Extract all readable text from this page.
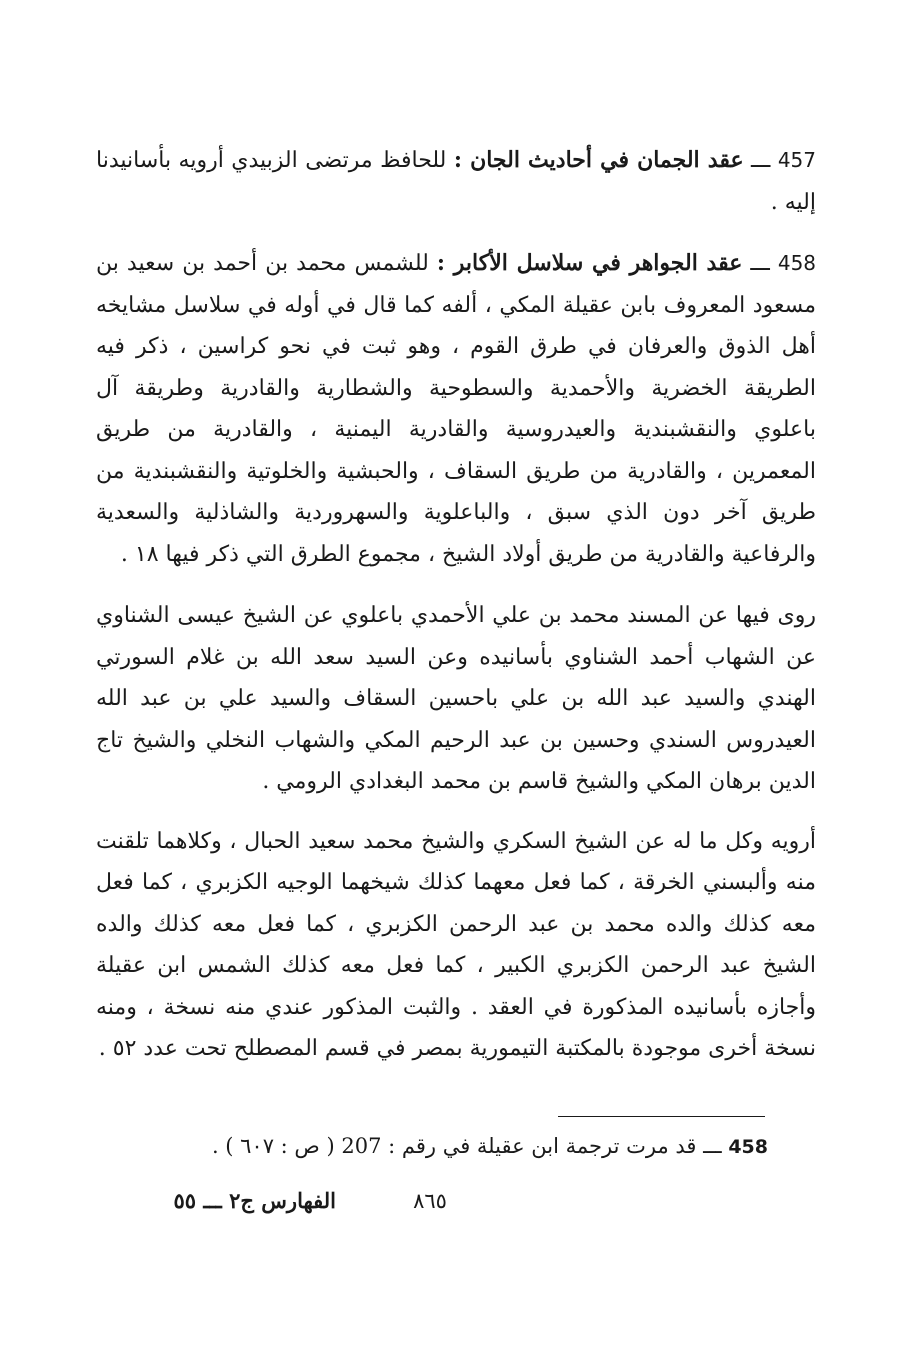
457 ـــ عقد الجمان في أحاديث الجان : للحافظ مرتضى الزبيدي أرويه بأسانيدنا إليه .

458 ـــ عقد الجواهر في سلاسل الأكابر : للشمس محمد بن أحمد بن سعيد بن مسعود المعروف بابن عقيلة المكي ، ألفه كما قال في أوله في سلاسل مشايخه أهل الذوق والعرفان في طرق القوم ، وهو ثبت في نحو كراسين ، ذكر فيه الطريقة الخضرية والأحمدية والسطوحية والشطارية والقادرية وطريقة آل باعلوي والنقشبندية والعيدروسية والقادرية اليمنية ، والقادرية من طريق المعمرين ، والقادرية من طريق السقاف ، والحبشية والخلوتية والنقشبندية من طريق آخر دون الذي سبق ، والباعلوية والسهروردية والشاذلية والسعدية والرفاعية والقادرية من طريق أولاد الشيخ ، مجموع الطرق التي ذكر فيها ١٨ .

روى فيها عن المسند محمد بن علي الأحمدي باعلوي عن الشيخ عيسى الشناوي عن الشهاب أحمد الشناوي بأسانيده وعن السيد سعد الله بن غلام السورتي الهندي والسيد عبد الله بن علي باحسين السقاف والسيد علي بن عبد الله العيدروس السندي وحسين بن عبد الرحيم المكي والشهاب النخلي والشيخ تاج الدين برهان المكي والشيخ قاسم بن محمد البغدادي الرومي .

أرويه وكل ما له عن الشيخ السكري والشيخ محمد سعيد الحبال ، وكلاهما تلقنت منه وألبسني الخرقة ، كما فعل معهما كذلك شيخهما الوجيه الكزبري ، كما فعل معه كذلك والده محمد بن عبد الرحمن الكزبري ، كما فعل معه كذلك والده الشيخ عبد الرحمن الكزبري الكبير ، كما فعل معه كذلك الشمس ابن عقيلة وأجازه بأسانيده المذكورة في العقد . والثبت المذكور عندي منه نسخة ، ومنه نسخة أخرى موجودة بالمكتبة التيمورية بمصر في قسم المصطلح تحت عدد ٥٢ .

458 ـــ قد مرت ترجمة ابن عقيلة في رقم : 207 ( ص : ٦٠٧ ) .
الفهارس ج٢ ـــ ٥٥	٨٦٥
